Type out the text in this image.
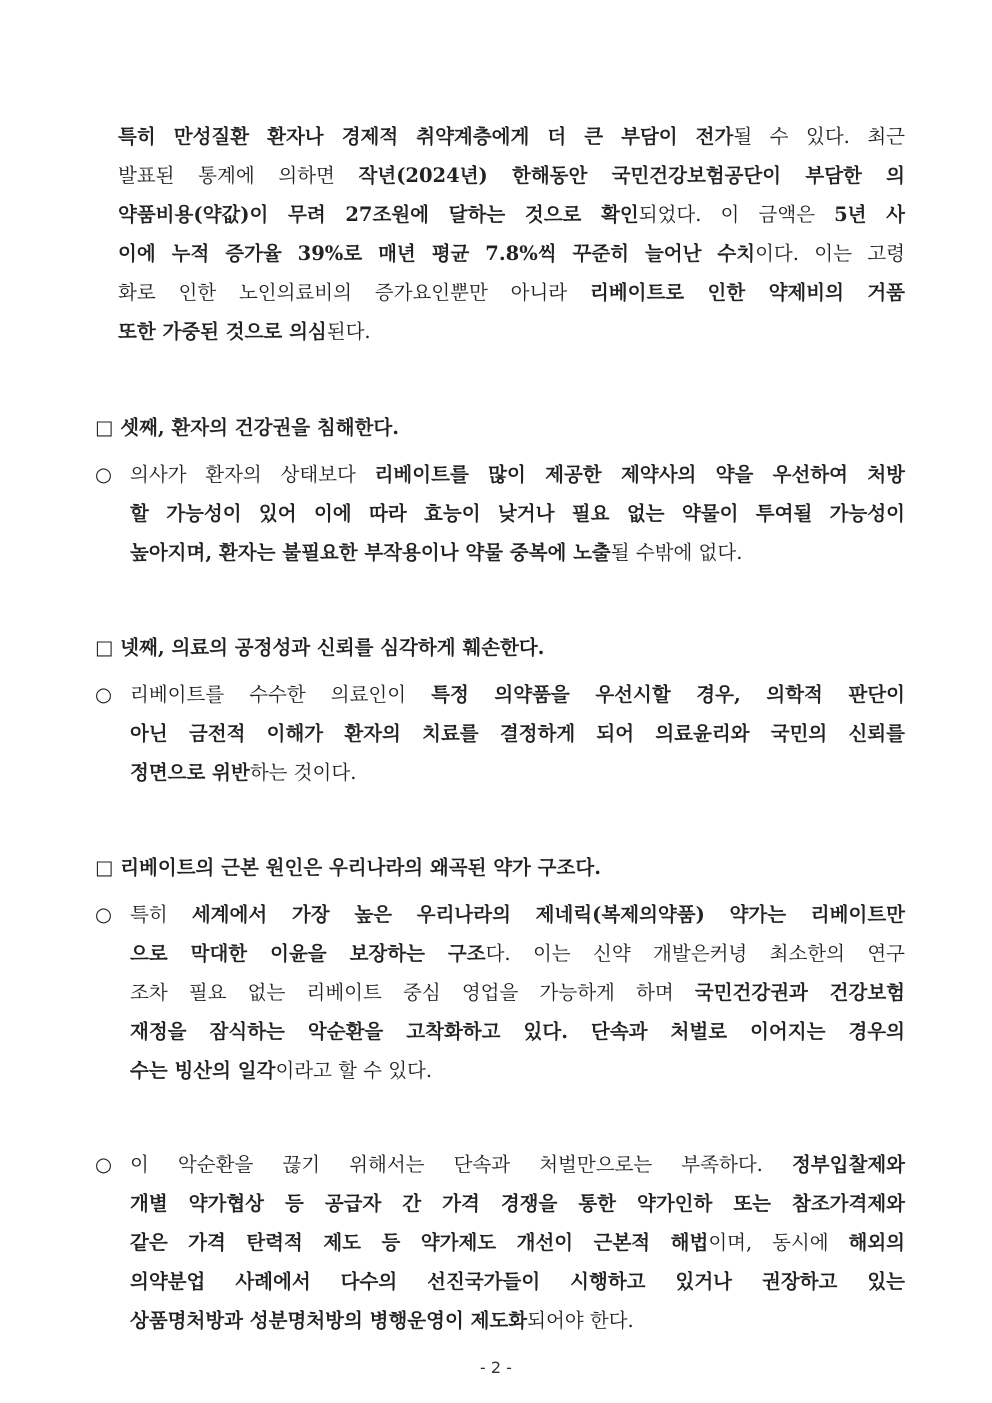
특히 만성질환 환자나 경제적 취약계층에게 더 큰 부담이 전가될 수 있다. 최근
발표된 통계에 의하면 작년(2024년) 한해동안 국민건강보험공단이 부담한 의
약품비용(약값)이 무려 27조원에 달하는 것으로 확인되었다. 이 금액은 5년 사
이에 누적 증가율 39%로 매년 평균 7.8%씩 꾸준히 늘어난 수치이다. 이는 고령
화로 인한 노인의료비의 증가요인뿐만 아니라 리베이트로 인한 약제비의 거품
또한 가중된 것으로 의심된다.
□ 셋째, 환자의 건강권을 침해한다.
○ 의사가 환자의 상태보다 리베이트를 많이 제공한 제약사의 약을 우선하여 처방
할 가능성이 있어 이에 따라 효능이 낮거나 필요 없는 약물이 투여될 가능성이
높아지며, 환자는 불필요한 부작용이나 약물 중복에 노출될 수밖에 없다.
□ 넷째, 의료의 공정성과 신뢰를 심각하게 훼손한다.
○ 리베이트를 수수한 의료인이 특정 의약품을 우선시할 경우, 의학적 판단이
아닌 금전적 이해가 환자의 치료를 결정하게 되어 의료윤리와 국민의 신뢰를
정면으로 위반하는 것이다.
□ 리베이트의 근본 원인은 우리나라의 왜곡된 약가 구조다.
○ 특히 세계에서 가장 높은 우리나라의 제네릭(복제의약품) 약가는 리베이트만
으로 막대한 이윤을 보장하는 구조다. 이는 신약 개발은커녕 최소한의 연구
조차 필요 없는 리베이트 중심 영업을 가능하게 하며 국민건강권과 건강보험
재정을 잠식하는 악순환을 고착화하고 있다. 단속과 처벌로 이어지는 경우의
수는 빙산의 일각이라고 할 수 있다.
○ 이 악순환을 끊기 위해서는 단속과 처벌만으로는 부족하다. 정부입찰제와
개별 약가협상 등 공급자 간 가격 경쟁을 통한 약가인하 또는 참조가격제와
같은 가격 탄력적 제도 등 약가제도 개선이 근본적 해법이며, 동시에 해외의
의약분업 사례에서 다수의 선진국가들이 시행하고 있거나 권장하고 있는
상품명처방과 성분명처방의 병행운영이 제도화되어야 한다.
- 2 -
